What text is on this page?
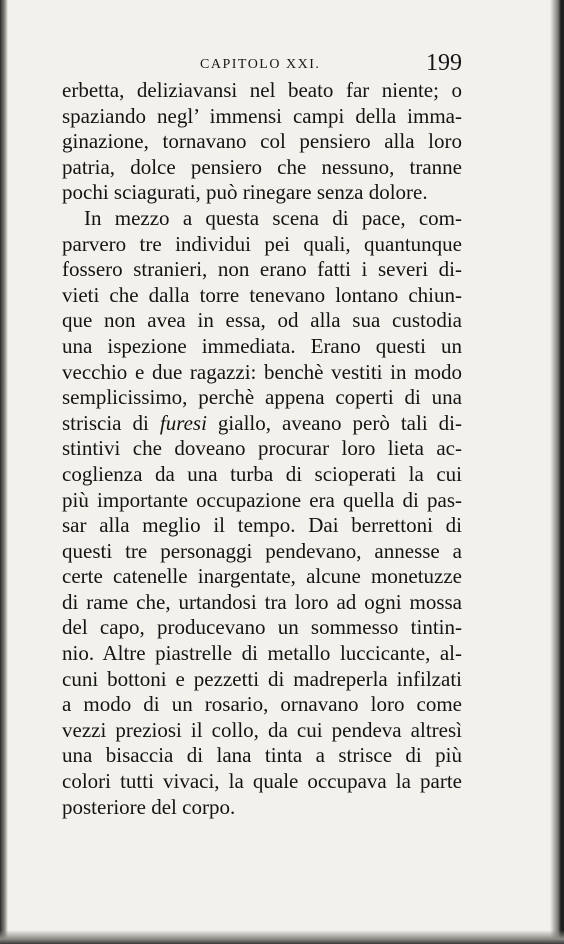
CAPITOLO XXI.	199
erbetta, deliziavansi nel beato far niente; o
spaziando negl’ immensi campi della imma-
ginazione, tornavano col pensiero alla loro
patria, dolce pensiero che nessuno, tranne
pochi sciagurati, può rinegare senza dolore.
In mezzo a questa scena di pace, com-
parvero tre individui pei quali, quantunque
fossero stranieri, non erano fatti i severi di-
vieti che dalla torre tenevano lontano chiun-
que non avea in essa, od alla sua custodia
una ispezione immediata. Erano questi un
vecchio e due ragazzi: benchè vestiti in modo
semplicissimo, perchè appena coperti di una
striscia di furesi giallo, aveano però tali di-
stintivi che doveano procurar loro lieta ac-
coglienza da una turba di scioperati la cui
più importante occupazione era quella di pas-
sar alla meglio il tempo. Dai berrettoni di
questi tre personaggi pendevano, annesse a
certe catenelle inargentate, alcune monetuzze
di rame che, urtandosi tra loro ad ogni mossa
del capo, producevano un sommesso tintin-
nio. Altre piastrelle di metallo luccicante, al-
cuni bottoni e pezzetti di madreperla infilzati
a modo di un rosario, ornavano loro come
vezzi preziosi il collo, da cui pendeva altresì
una bisaccia di lana tinta a strisce di più
colori tutti vivaci, la quale occupava la parte
posteriore del corpo.
